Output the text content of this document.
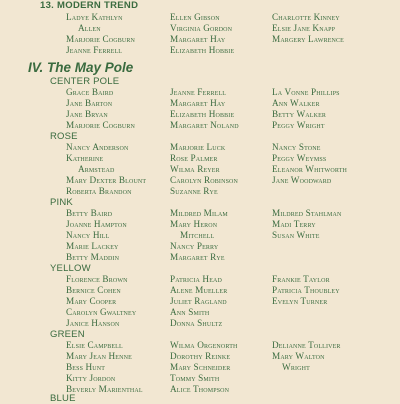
13. MODERN TREND
Ladye Kathlyn	Ellen Gibson	Charlotte Kinney
Allen	Virginia Gordon	Elsie Jane Knapp
Marjorie Cogburn	Margaret Hay	Margery Lawrence
Jeanne Ferrell	Elizabeth Hobbie
IV. The May Pole
CENTER POLE
Grace Baird	Jeanne Ferrell	La Vonne Phillips
Jane Barton	Margaret Hay	Ann Walker
Jane Bryan	Elizabeth Hobbie	Betty Walker
Marjorie Cogburn	Margaret Noland	Peggy Wright
ROSE
Nancy Anderson	Marjorie Luck	Nancy Stone
Katherine	Rose Palmer	Peggy Weymss
Armstead	Wilma Reyer	Eleanor Whitworth
Mary Dexter Blount	Carolyn Robinson	Jane Woodward
Roberta Brandon	Suzanne Rye
PINK
Betty Baird	Mildred Milam	Mildred Stahlman
Joanne Hampton	Mary Heron	Madi Terry
Nancy Hill	Mitchell	Susan White
Marie Lackey	Nancy Perry
Betty Maddin	Margaret Rye
YELLOW
Florence Brown	Patricia Head	Frankie Taylor
Bernice Cohen	Alene Mueller	Patricia Thoubley
Mary Cooper	Juliet Ragland	Evelyn Turner
Carolyn Gwaltney	Ann Smith
Janice Hanson	Donna Shultz
GREEN
Elsie Campbell	Wilma Orgenorth	Delianne Tolliver
Mary Jean Henne	Dorothy Reinke	Mary Walton
Bess Hunt	Mary Schneider	Wright
Kitty Jordon	Tommy Smith
Beverly Marienthal	Alice Thompson
BLUE
